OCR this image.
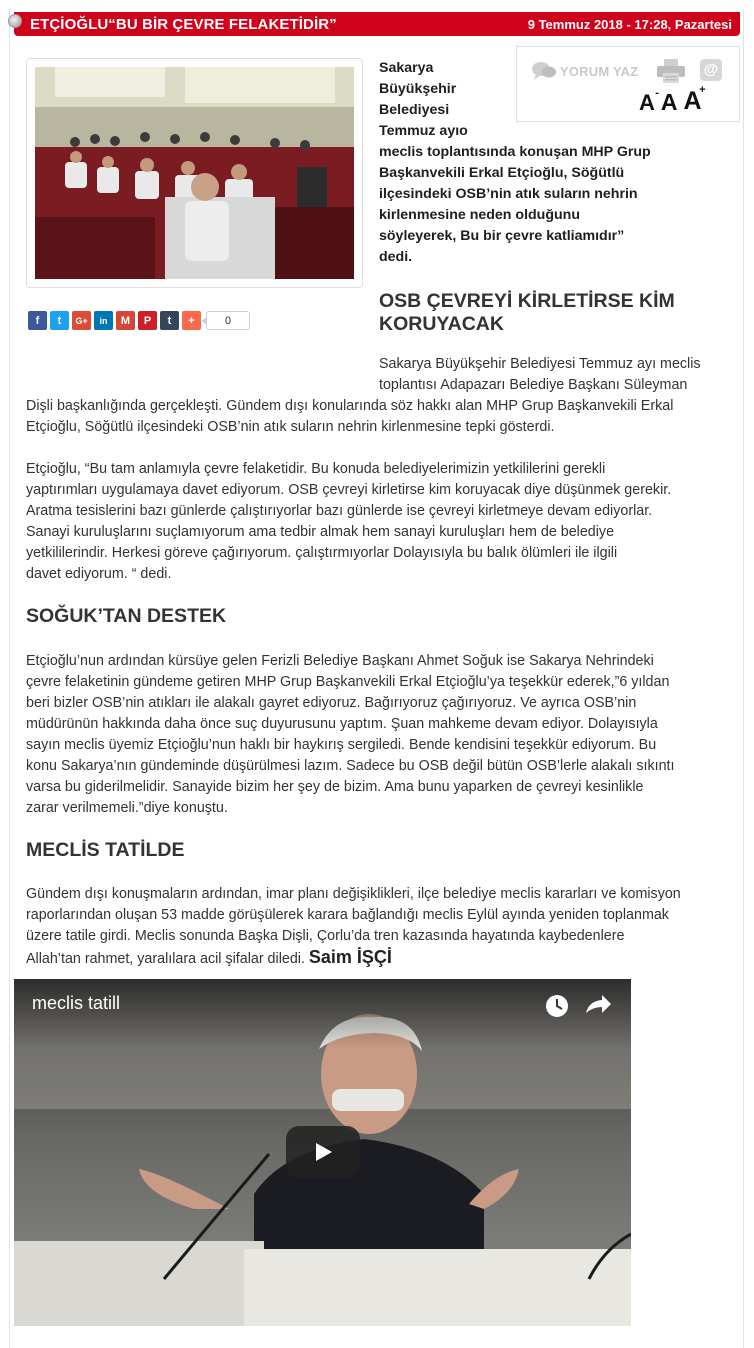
ETÇİOĞLU“BU BİR ÇEVRE FELAKETİDİR”	9 Temmuz 2018 - 17:28, Pazartesi
Sakarya
Büyükşehir
Belediyesi
Temmuz ayıo
meclis toplantısında konuşan MHP Grup
Başkanvekili Erkal Etçioğlu, Söğütlü
ilçesindeki OSB’nin atık suların nehrin
kirlenmesine neden olduğunu
söyleyerek, Bu bir çevre katliamıdır”
dedi.
YORUM YAZ	@
A - A A
+
f	t	G+	in	M	P	t	+	0
OSB ÇEVREYİ KİRLETİRSE KİM
KORUYACAK
Sakarya Büyükşehir Belediyesi Temmuz ayı meclis
toplantısı Adapazarı Belediye Başkanı Süleyman
Dişli başkanlığında gerçekleşti. Gündem dışı konularında söz hakkı alan MHP Grup Başkanvekili Erkal
Etçioğlu, Söğütlü ilçesindeki OSB’nin atık suların nehrin kirlenmesine tepki gösterdi.
Etçioğlu, “Bu tam anlamıyla çevre felaketidir. Bu konuda belediyelerimizin yetkililerini gerekli
yaptırımları uygulamaya davet ediyorum. OSB çevreyi kirletirse kim koruyacak diye düşünmek gerekir.
Aratma tesislerini bazı günlerde çalıştırıyorlar bazı günlerde ise çevreyi kirletmeye devam ediyorlar.
Sanayi kuruluşlarını suçlamıyorum ama tedbir almak hem sanayi kuruluşları hem de belediye
yetkililerindir. Herkesi göreve çağırıyorum. çalıştırmıyorlar Dolayısıyla bu balık ölümleri ile ilgili
davet ediyorum. “ dedi.
SOĞUK’TAN DESTEK
Etçioğlu’nun ardından kürsüye gelen Ferizli Belediye Başkanı Ahmet Soğuk ise Sakarya Nehrindeki
çevre felaketinin gündeme getiren MHP Grup Başkanvekili Erkal Etçioğlu’ya teşekkür ederek,”6 yıldan
beri bizler OSB’nin atıkları ile alakalı gayret ediyoruz. Bağırıyoruz çağırıyoruz. Ve ayrıca OSB’nin
müdürünün hakkında daha önce suç duyurusunu yaptım. Şuan mahkeme devam ediyor. Dolayısıyla
sayın meclis üyemiz Etçioğlu’nun haklı bir haykırış sergiledi. Bende kendisini teşekkür ediyorum. Bu
konu Sakarya’nın gündeminde düşürülmesi lazım. Sadece bu OSB değil bütün OSB’lerle alakalı sıkıntı
varsa bu giderilmelidir. Sanayide bizim her şey de bizim. Ama bunu yaparken de çevreyi kesinlikle
zarar verilmemeli.”diye konuştu.
MECLİS TATİLDE
Gündem dışı konuşmaların ardından, imar planı değişiklikleri, ilçe belediye meclis kararları ve komisyon
raporlarından oluşan 53 madde görüşülerek karara bağlandığı meclis Eylül ayında yeniden toplanmak
üzere tatile girdi. Meclis sonunda Başka Dişli, Çorlu’da tren kazasında hayatında kaybedenlere
Allah’tan rahmet, yaralılara acil şifalar diledi. Saim İŞÇİ
meclis tatill
